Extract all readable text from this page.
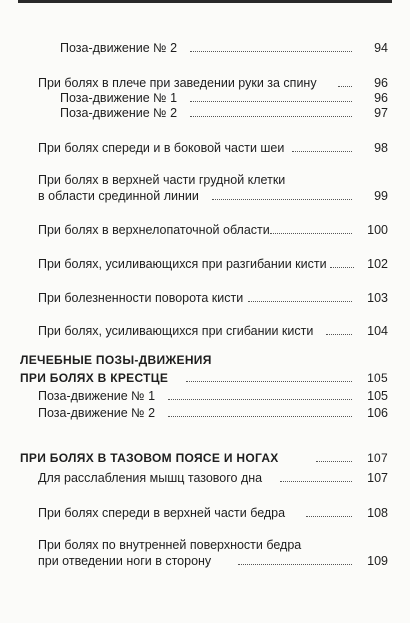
Поза-движение № 2	94
При болях в плече при заведении руки за спину	96
Поза-движение № 1	96
Поза-движение № 2	97
При болях спереди и в боковой части шеи	98
При болях в верхней части грудной клетки
в области срединной линии	99
При болях в верхнелопаточной области	100
При болях, усиливающихся при разгибании кисти	102
При болезненности поворота кисти	103
При болях, усиливающихся при сгибании кисти	104
ЛЕЧЕБНЫЕ ПОЗЫ-ДВИЖЕНИЯ
ПРИ БОЛЯХ В КРЕСТЦЕ	105
Поза-движение № 1	105
Поза-движение № 2	106
ПРИ БОЛЯХ В ТАЗОВОМ ПОЯСЕ И НОГАХ	107
Для расслабления мышц тазового дна	107
При болях спереди в верхней части бедра	108
При болях по внутренней поверхности бедра
при отведении ноги в сторону	109
